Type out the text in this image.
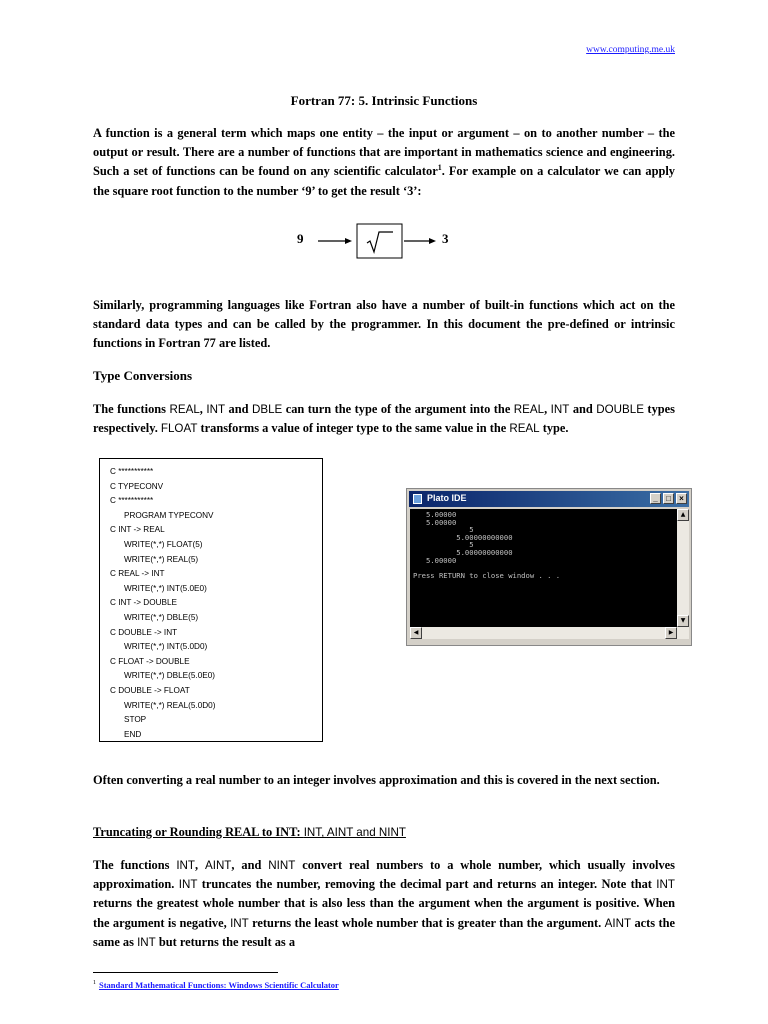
www.computing.me.uk
Fortran 77: 5. Intrinsic Functions
A function is a general term which maps one entity – the input or argument – on to another number – the output or result. There are a number of functions that are important in mathematics science and engineering. Such a set of functions can be found on any scientific calculator$^1$. For example on a calculator we can apply the square root function to the number ‘9’ to get the result ‘3’:
9	3
Similarly, programming languages like Fortran also have a number of built-in functions which act on the standard data types and can be called by the programmer. In this document the pre-defined or intrinsic functions in Fortran 77 are listed.
Type Conversions
The functions REAL, INT and DBLE can turn the type of the argument into the REAL, INT and DOUBLE types respectively. FLOAT transforms a value of integer type to the same value in the REAL type.
C ***********
C TYPECONV
C ***********
PROGRAM TYPECONV
C INT -> REAL
WRITE(*,*) FLOAT(5)
WRITE(*,*) REAL(5)
C REAL -> INT
WRITE(*,*) INT(5.0E0)
C INT -> DOUBLE
WRITE(*,*) DBLE(5)
C DOUBLE -> INT
WRITE(*,*) INT(5.0D0)
C FLOAT -> DOUBLE
WRITE(*,*) DBLE(5.0E0)
C DOUBLE -> FLOAT
WRITE(*,*) REAL(5.0D0)
STOP
END
Plato IDE	_	□	×
5.00000
5.00000
5
5.00000000000
5
5.00000000000
5.00000

Press RETURN to close window . . .
▲
▼
◀	▶
Often converting a real number to an integer involves approximation and this is covered in the next section.
Truncating or Rounding REAL to INT: INT, AINT and NINT
The functions INT, AINT, and NINT convert real numbers to a whole number, which usually involves approximation. INT truncates the number, removing the decimal part and returns an integer. Note that INT returns the greatest whole number that is also less than the argument when the argument is positive. When the argument is negative, INT returns the least whole number that is greater than the argument. AINT acts the same as INT but returns the result as a
$^1$ Standard Mathematical Functions: Windows Scientific Calculator
